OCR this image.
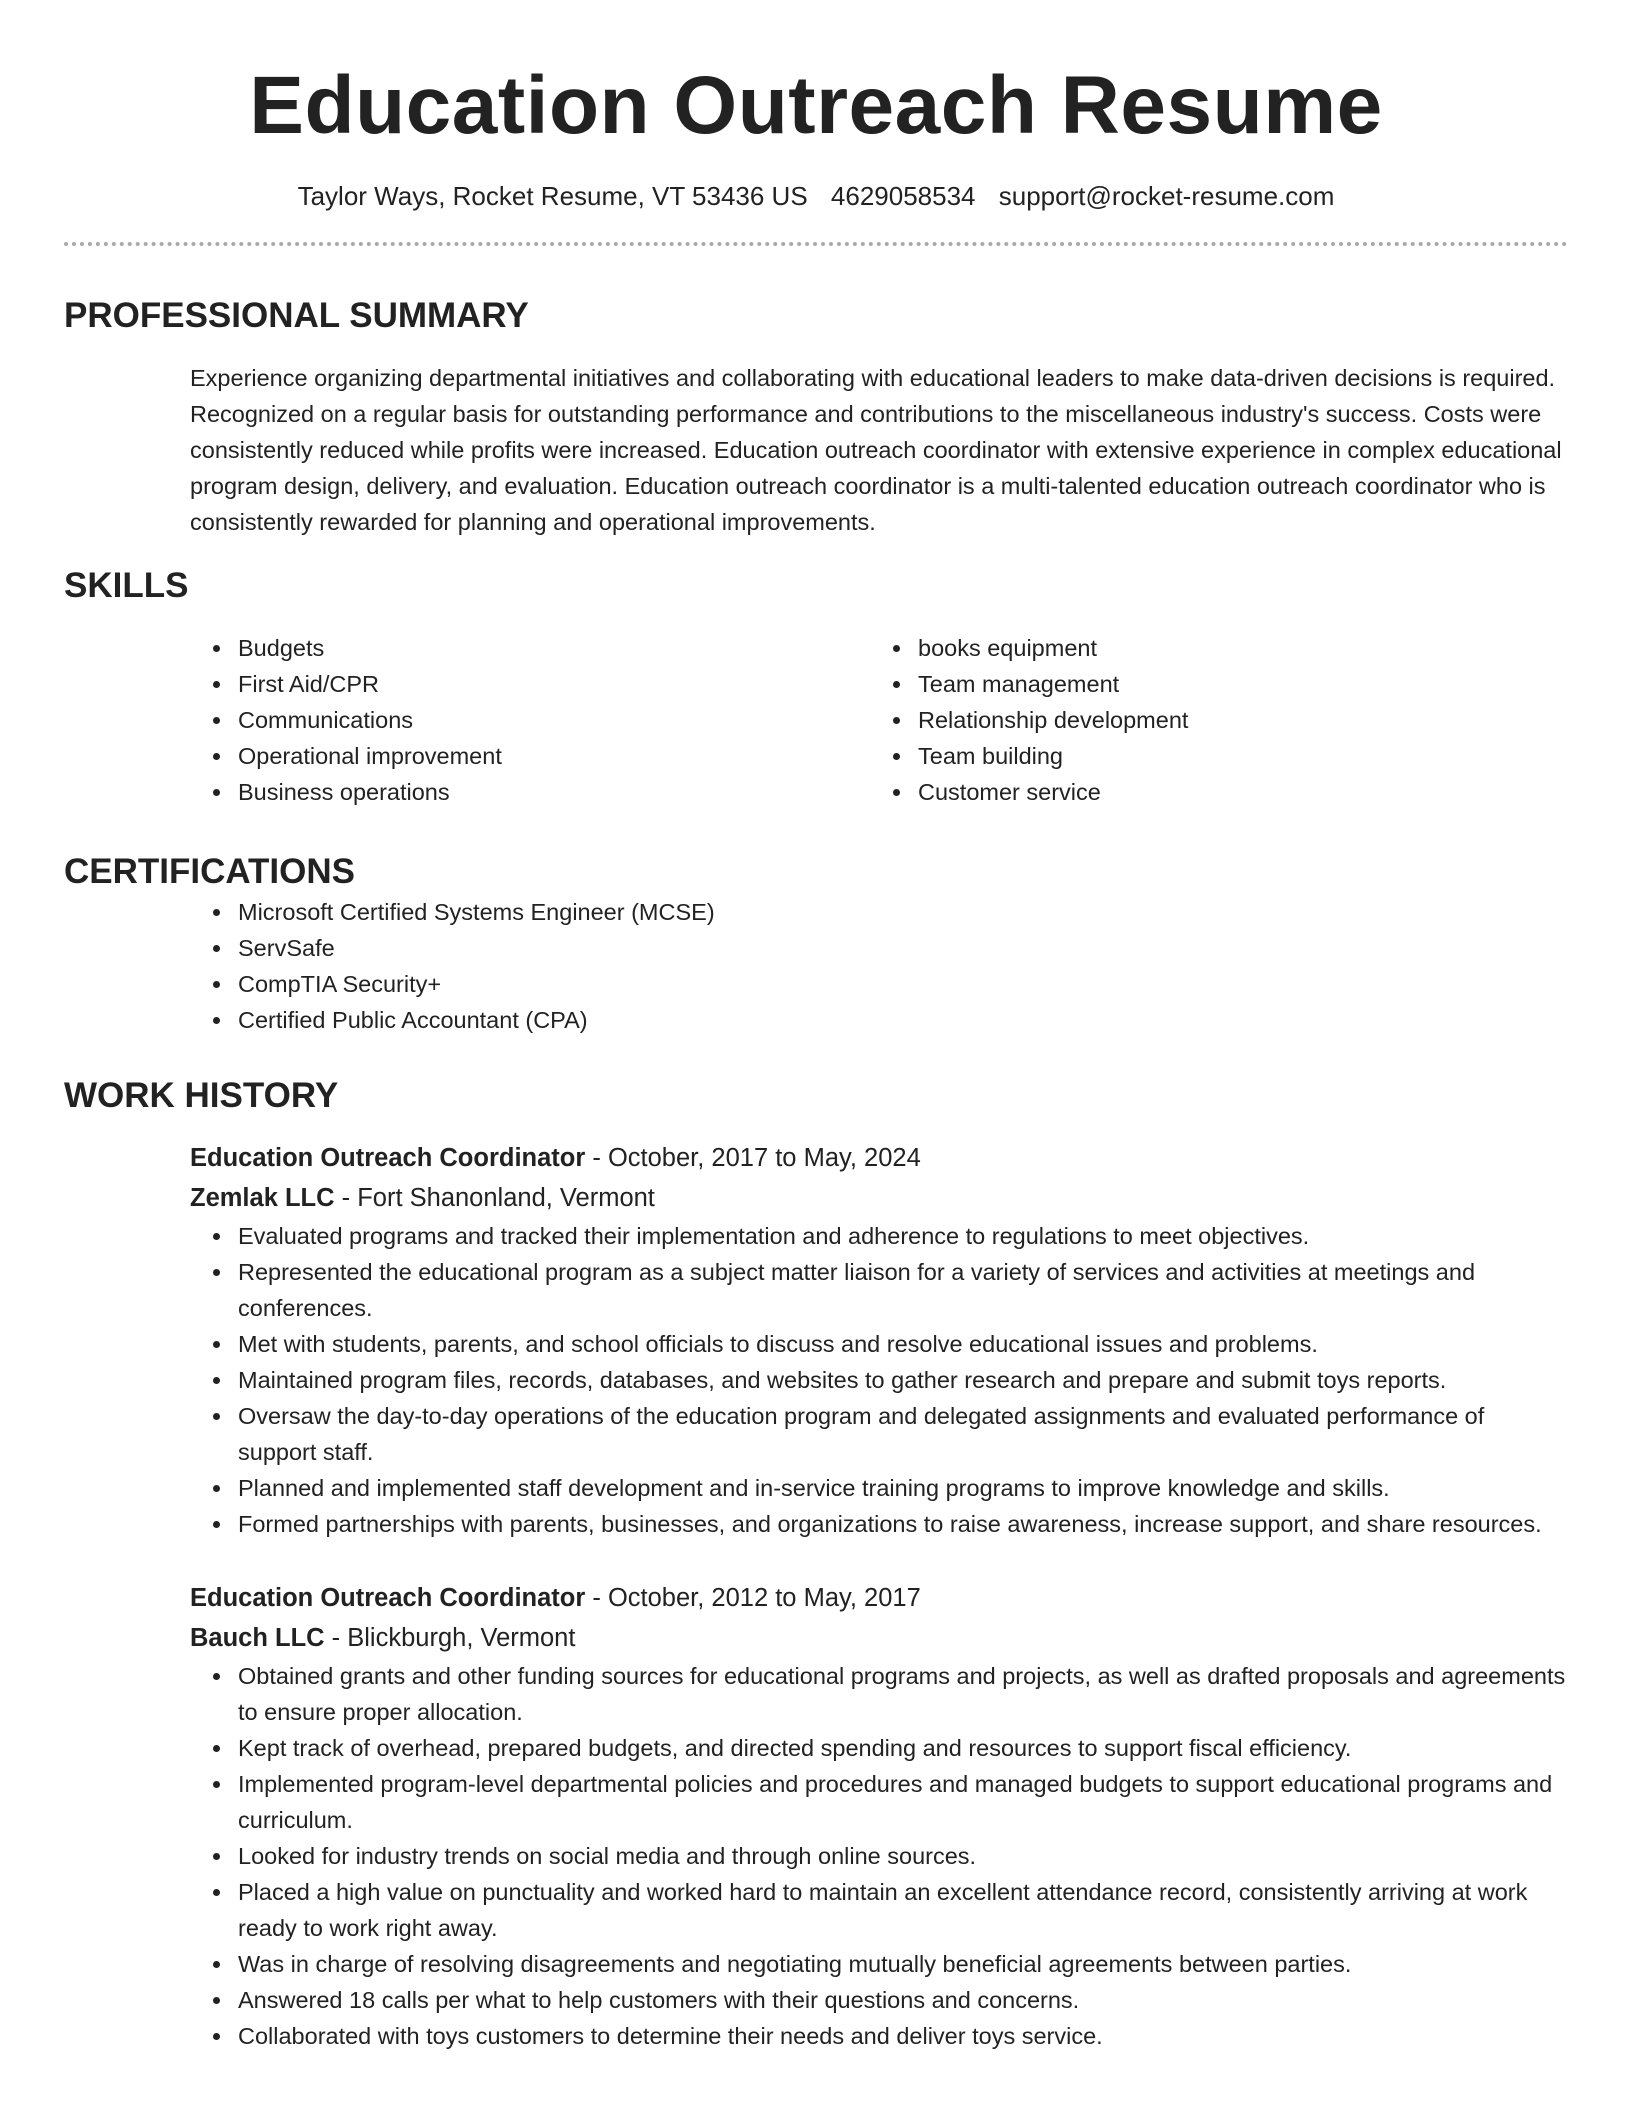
Education Outreach Resume
Taylor Ways, Rocket Resume, VT 53436 US 4629058534 support@rocket-resume.com
PROFESSIONAL SUMMARY
Experience organizing departmental initiatives and collaborating with educational leaders to make data-driven decisions is required. Recognized on a regular basis for outstanding performance and contributions to the miscellaneous industry's success. Costs were consistently reduced while profits were increased. Education outreach coordinator with extensive experience in complex educational program design, delivery, and evaluation. Education outreach coordinator is a multi-talented education outreach coordinator who is consistently rewarded for planning and operational improvements.
SKILLS
• Budgets
• First Aid/CPR
• Communications
• Operational improvement
• Business operations
• books equipment
• Team management
• Relationship development
• Team building
• Customer service
CERTIFICATIONS
• Microsoft Certified Systems Engineer (MCSE)
• ServSafe
• CompTIA Security+
• Certified Public Accountant (CPA)
WORK HISTORY
Education Outreach Coordinator - October, 2017 to May, 2024
Zemlak LLC - Fort Shanonland, Vermont
• Evaluated programs and tracked their implementation and adherence to regulations to meet objectives.
• Represented the educational program as a subject matter liaison for a variety of services and activities at meetings and conferences.
• Met with students, parents, and school officials to discuss and resolve educational issues and problems.
• Maintained program files, records, databases, and websites to gather research and prepare and submit toys reports.
• Oversaw the day-to-day operations of the education program and delegated assignments and evaluated performance of support staff.
• Planned and implemented staff development and in-service training programs to improve knowledge and skills.
• Formed partnerships with parents, businesses, and organizations to raise awareness, increase support, and share resources.
Education Outreach Coordinator - October, 2012 to May, 2017
Bauch LLC - Blickburgh, Vermont
• Obtained grants and other funding sources for educational programs and projects, as well as drafted proposals and agreements to ensure proper allocation.
• Kept track of overhead, prepared budgets, and directed spending and resources to support fiscal efficiency.
• Implemented program-level departmental policies and procedures and managed budgets to support educational programs and curriculum.
• Looked for industry trends on social media and through online sources.
• Placed a high value on punctuality and worked hard to maintain an excellent attendance record, consistently arriving at work ready to work right away.
• Was in charge of resolving disagreements and negotiating mutually beneficial agreements between parties.
• Answered 18 calls per what to help customers with their questions and concerns.
• Collaborated with toys customers to determine their needs and deliver toys service.
